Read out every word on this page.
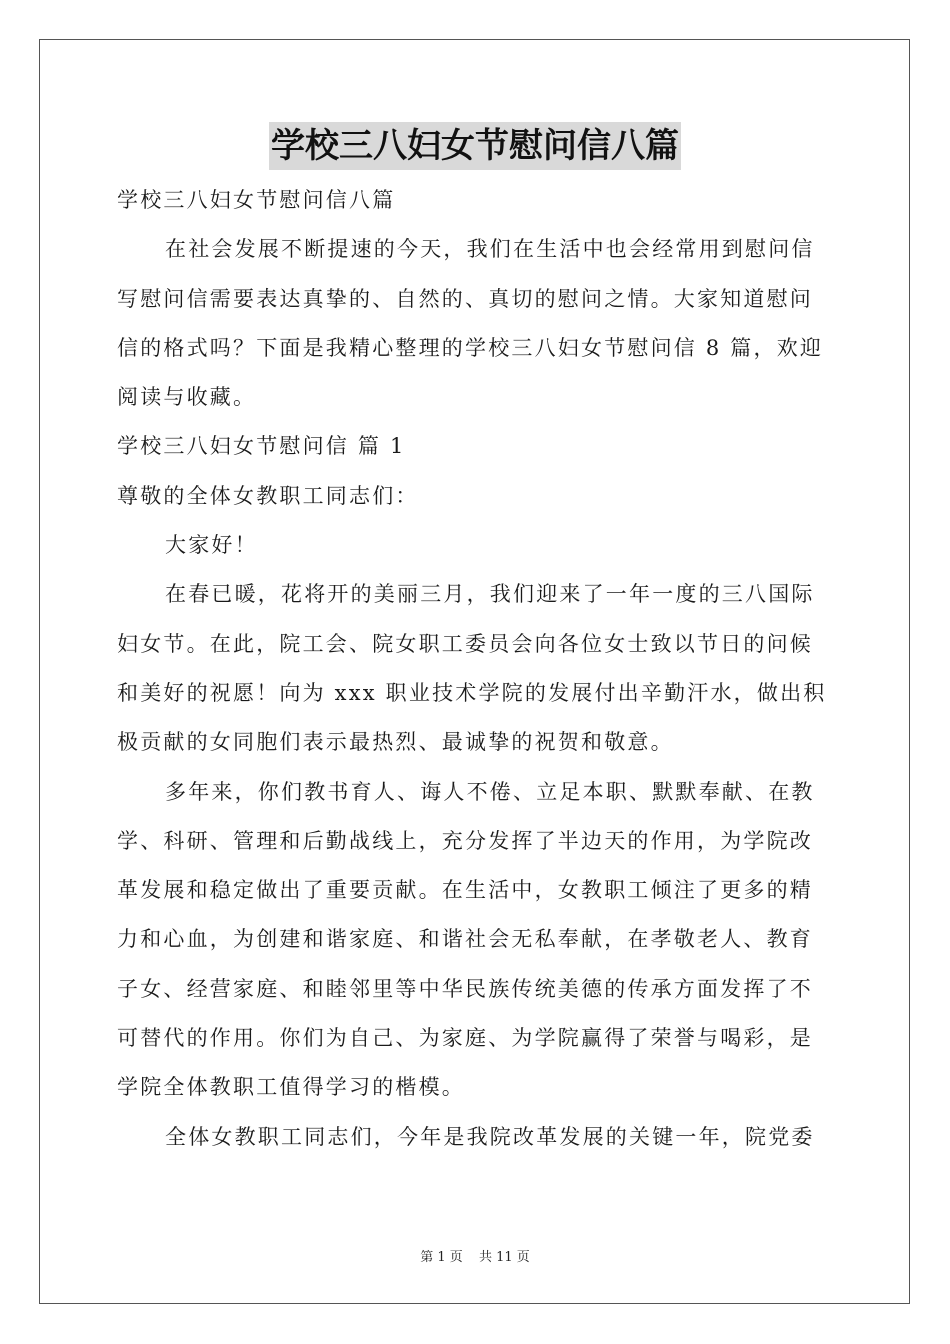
学校三八妇女节慰问信八篇
学校三八妇女节慰问信八篇
在社会发展不断提速的今天，我们在生活中也会经常用到慰问信
写慰问信需要表达真挚的、自然的、真切的慰问之情。大家知道慰问
信的格式吗？下面是我精心整理的学校三八妇女节慰问信 8 篇，欢迎
阅读与收藏。
学校三八妇女节慰问信 篇 1
尊敬的全体女教职工同志们：
大家好！
在春已暖，花将开的美丽三月，我们迎来了一年一度的三八国际
妇女节。在此，院工会、院女职工委员会向各位女士致以节日的问候
和美好的祝愿！向为 xxx 职业技术学院的发展付出辛勤汗水，做出积
极贡献的女同胞们表示最热烈、最诚挚的祝贺和敬意。
多年来，你们教书育人、诲人不倦、立足本职、默默奉献、在教
学、科研、管理和后勤战线上，充分发挥了半边天的作用，为学院改
革发展和稳定做出了重要贡献。在生活中，女教职工倾注了更多的精
力和心血，为创建和谐家庭、和谐社会无私奉献，在孝敬老人、教育
子女、经营家庭、和睦邻里等中华民族传统美德的传承方面发挥了不
可替代的作用。你们为自己、为家庭、为学院赢得了荣誉与喝彩，是
学院全体教职工值得学习的楷模。
全体女教职工同志们，今年是我院改革发展的关键一年，院党委
第 1 页 共 11 页
